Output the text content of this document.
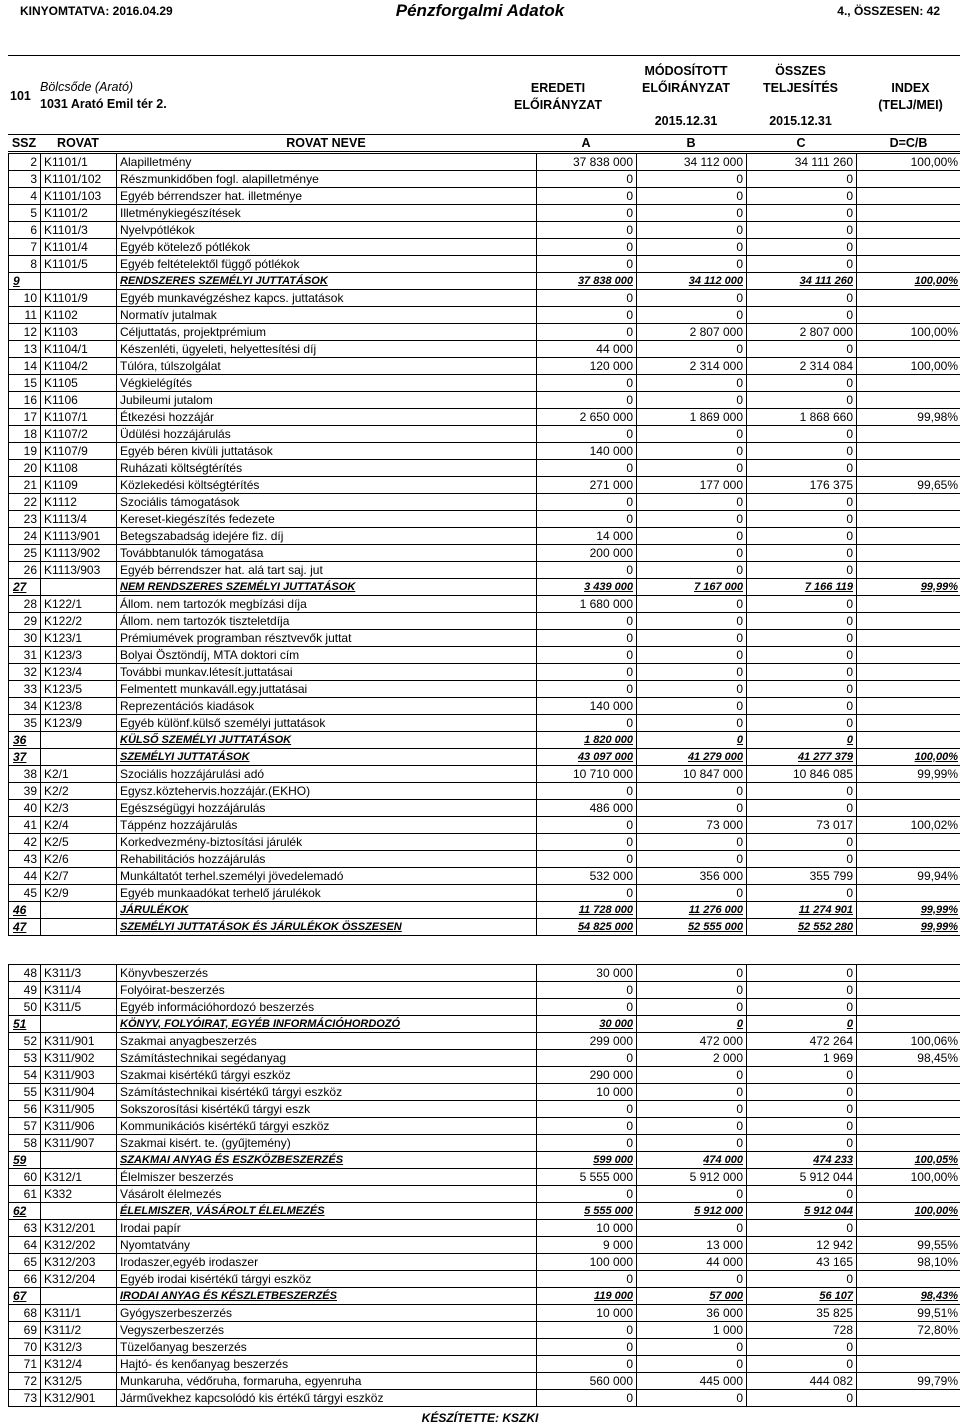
KINYOMTATVA: 2016.04.29	Pénzforgalmi Adatok	4., ÖSSZESEN: 42
101
Bölcsőde (Arató)
1031 Arató Emil tér 2.
EREDETI
ELŐIRÁNYZAT
MÓDOSÍTOTT
ELŐIRÁNYZAT
2015.12.31
ÖSSZES
TELJESÍTÉS
2015.12.31
INDEX
(TELJ/MEI)
SSZ	ROVAT	ROVAT NEVE	A	B	C	D=C/B
2	K1101/1	Alapilletmény	37 838 000	34 112 000	34 111 260	100,00%
3	K1101/102	Részmunkidőben fogl. alapilletménye	0	0	0	
4	K1101/103	Egyéb bérrendszer hat. illetménye	0	0	0	
5	K1101/2	Illetménykiegészítések	0	0	0	
6	K1101/3	Nyelvpótlékok	0	0	0	
7	K1101/4	Egyéb kötelező pótlékok	0	0	0	
8	K1101/5	Egyéb feltételektől függő pótlékok	0	0	0	
9		RENDSZERES SZEMÉLYI JUTTATÁSOK	37 838 000	34 112 000	34 111 260	100,00%
10	K1101/9	Egyéb munkavégzéshez kapcs. juttatások	0	0	0	
11	K1102	Normatív jutalmak	0	0	0	
12	K1103	Céljuttatás, projektprémium	0	2 807 000	2 807 000	100,00%
13	K1104/1	Készenléti, ügyeleti, helyettesítési díj	44 000	0	0	
14	K1104/2	Túlóra, túlszolgálat	120 000	2 314 000	2 314 084	100,00%
15	K1105	Végkielégítés	0	0	0	
16	K1106	Jubileumi jutalom	0	0	0	
17	K1107/1	Étkezési hozzájár	2 650 000	1 869 000	1 868 660	99,98%
18	K1107/2	Üdülési hozzájárulás	0	0	0	
19	K1107/9	Egyéb béren kivüli juttatások	140 000	0	0	
20	K1108	Ruházati költségtérítés	0	0	0	
21	K1109	Közlekedési költségtérítés	271 000	177 000	176 375	99,65%
22	K1112	Szociális támogatások	0	0	0	
23	K1113/4	Kereset-kiegészítés fedezete	0	0	0	
24	K1113/901	Betegszabadság idejére fiz. díj	14 000	0	0	
25	K1113/902	Továbbtanulók támogatása	200 000	0	0	
26	K1113/903	Egyéb bérrendszer hat. alá tart saj. jut	0	0	0	
27		NEM RENDSZERES SZEMÉLYI JUTTATÁSOK	3 439 000	7 167 000	7 166 119	99,99%
28	K122/1	Állom. nem tartozók megbízási díja	1 680 000	0	0	
29	K122/2	Állom. nem tartozók tiszteletdíja	0	0	0	
30	K123/1	Prémiumévek programban résztvevők juttat	0	0	0	
31	K123/3	Bolyai Ösztöndíj, MTA doktori cím	0	0	0	
32	K123/4	További munkav.létesít.juttatásai	0	0	0	
33	K123/5	Felmentett munkaváll.egy.juttatásai	0	0	0	
34	K123/8	Reprezentációs kiadások	140 000	0	0	
35	K123/9	Egyéb különf.külső személyi juttatások	0	0	0	
36		KÜLSŐ SZEMÉLYI JUTTATÁSOK	1 820 000	0	0	
37		SZEMÉLYI JUTTATÁSOK	43 097 000	41 279 000	41 277 379	100,00%
38	K2/1	Szociális hozzájárulási adó	10 710 000	10 847 000	10 846 085	99,99%
39	K2/2	Egysz.köztehervis.hozzájár.(EKHO)	0	0	0	
40	K2/3	Egészségügyi hozzájárulás	486 000	0	0	
41	K2/4	Táppénz hozzájárulás	0	73 000	73 017	100,02%
42	K2/5	Korkedvezmény-biztosítási járulék	0	0	0	
43	K2/6	Rehabilitációs hozzájárulás	0	0	0	
44	K2/7	Munkáltatót terhel.személyi jövedelemadó	532 000	356 000	355 799	99,94%
45	K2/9	Egyéb munkaadókat terhelő járulékok	0	0	0	
46		JÁRULÉKOK	11 728 000	11 276 000	11 274 901	99,99%
47		SZEMÉLYI JUTTATÁSOK ÉS JÁRULÉKOK ÖSSZESEN	54 825 000	52 555 000	52 552 280	99,99%
48	K311/3	Könyvbeszerzés	30 000	0	0	
49	K311/4	Folyóirat-beszerzés	0	0	0	
50	K311/5	Egyéb információhordozó beszerzés	0	0	0	
51		KÖNYV, FOLYÓIRAT, EGYÉB INFORMÁCIÓHORDOZÓ	30 000	0	0	
52	K311/901	Szakmai anyagbeszerzés	299 000	472 000	472 264	100,06%
53	K311/902	Számítástechnikai segédanyag	0	2 000	1 969	98,45%
54	K311/903	Szakmai kisértékű tárgyi eszköz	290 000	0	0	
55	K311/904	Számítástechnikai kisértékű tárgyi eszköz	10 000	0	0	
56	K311/905	Sokszorosítási kisértékű tárgyi eszk	0	0	0	
57	K311/906	Kommunikációs kisértékű tárgyi eszköz	0	0	0	
58	K311/907	Szakmai kisért. te. (gyűjtemény)	0	0	0	
59		SZAKMAI ANYAG ÉS ESZKÖZBESZERZÉS	599 000	474 000	474 233	100,05%
60	K312/1	Élelmiszer beszerzés	5 555 000	5 912 000	5 912 044	100,00%
61	K332	Vásárolt élelmezés	0	0	0	
62		ÉLELMISZER, VÁSÁROLT ÉLELMEZÉS	5 555 000	5 912 000	5 912 044	100,00%
63	K312/201	Irodai papír	10 000	0	0	
64	K312/202	Nyomtatvány	9 000	13 000	12 942	99,55%
65	K312/203	Irodaszer,egyéb irodaszer	100 000	44 000	43 165	98,10%
66	K312/204	Egyéb irodai kisértékű tárgyi eszköz	0	0	0	
67		IRODAI ANYAG ÉS KÉSZLETBESZERZÉS	119 000	57 000	56 107	98,43%
68	K311/1	Gyógyszerbeszerzés	10 000	36 000	35 825	99,51%
69	K311/2	Vegyszerbeszerzés	0	1 000	728	72,80%
70	K312/3	Tüzelőanyag beszerzés	0	0	0	
71	K312/4	Hajtó- és kenőanyag beszerzés	0	0	0	
72	K312/5	Munkaruha, védőruha, formaruha, egyenruha	560 000	445 000	444 082	99,79%
73	K312/901	Járművekhez kapcsolódó kis értékű tárgyi eszköz	0	0	0	
KÉSZÍTETTE: KSZKI
